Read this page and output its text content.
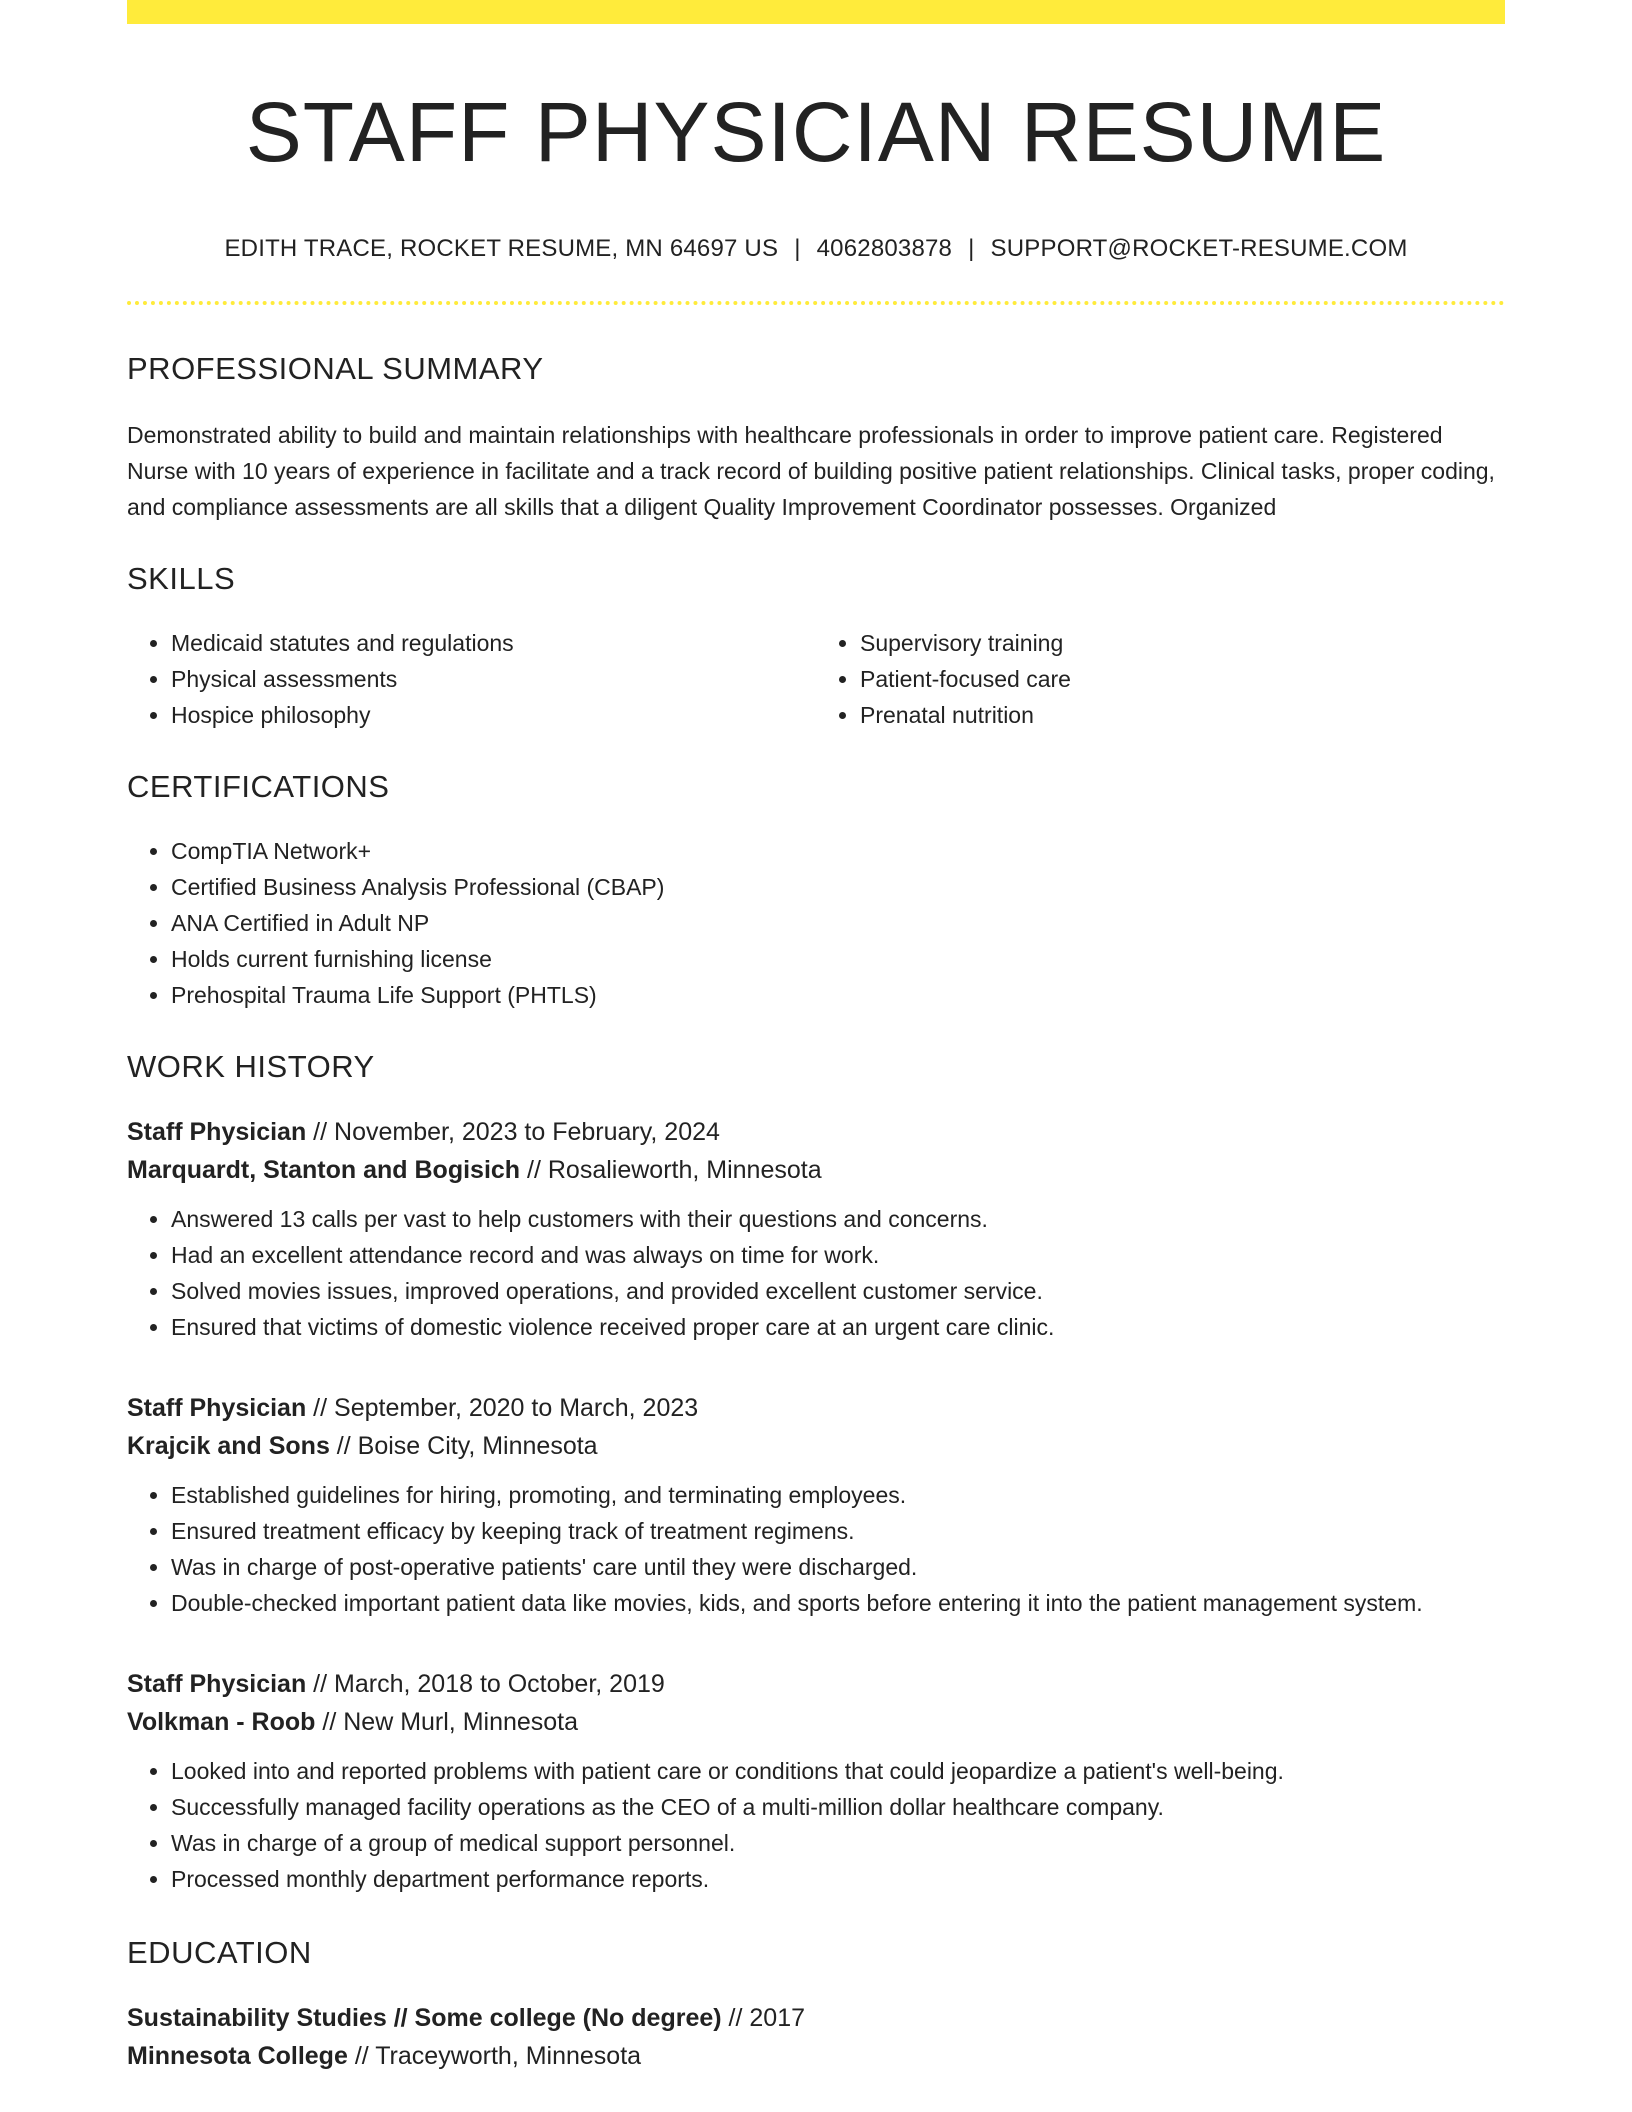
STAFF PHYSICIAN RESUME
EDITH TRACE, ROCKET RESUME, MN 64697 US | 4062803878 | SUPPORT@ROCKET-RESUME.COM
PROFESSIONAL SUMMARY

Demonstrated ability to build and maintain relationships with healthcare professionals in order to improve patient care. Registered Nurse with 10 years of experience in facilitate and a track record of building positive patient relationships. Clinical tasks, proper coding, and compliance assessments are all skills that a diligent Quality Improvement Coordinator possesses. Organized

SKILLS
• Medicaid statutes and regulations
• Physical assessments
• Hospice philosophy
• Supervisory training
• Patient-focused care
• Prenatal nutrition
CERTIFICATIONS
• CompTIA Network+
• Certified Business Analysis Professional (CBAP)
• ANA Certified in Adult NP
• Holds current furnishing license
• Prehospital Trauma Life Support (PHTLS)
WORK HISTORY
Staff Physician // November, 2023 to February, 2024
Marquardt, Stanton and Bogisich // Rosalieworth, Minnesota
• Answered 13 calls per vast to help customers with their questions and concerns.
• Had an excellent attendance record and was always on time for work.
• Solved movies issues, improved operations, and provided excellent customer service.
• Ensured that victims of domestic violence received proper care at an urgent care clinic.
Staff Physician // September, 2020 to March, 2023
Krajcik and Sons // Boise City, Minnesota
• Established guidelines for hiring, promoting, and terminating employees.
• Ensured treatment efficacy by keeping track of treatment regimens.
• Was in charge of post-operative patients' care until they were discharged.
• Double-checked important patient data like movies, kids, and sports before entering it into the patient management system.
Staff Physician // March, 2018 to October, 2019
Volkman - Roob // New Murl, Minnesota
• Looked into and reported problems with patient care or conditions that could jeopardize a patient's well-being.
• Successfully managed facility operations as the CEO of a multi-million dollar healthcare company.
• Was in charge of a group of medical support personnel.
• Processed monthly department performance reports.
EDUCATION
Sustainability Studies // Some college (No degree) // 2017
Minnesota College // Traceyworth, Minnesota
